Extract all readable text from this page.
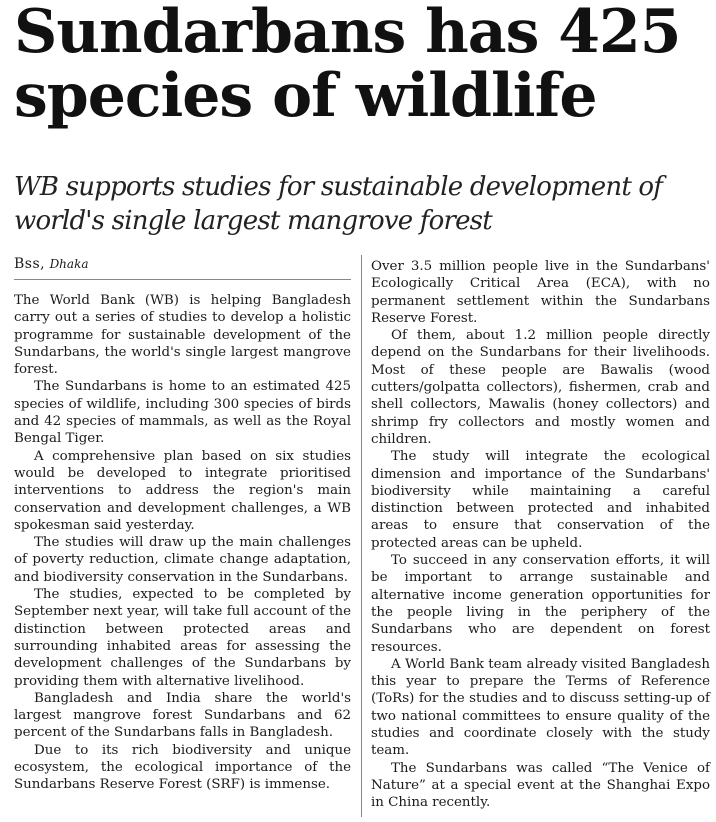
Sundarbans has 425 species of wildlife
WB supports studies for sustainable development of world's single largest mangrove forest
Bss, Dhaka

The World Bank (WB) is helping Bangladesh carry out a series of studies to develop a holistic programme for sustainable development of the Sundarbans, the world's single largest mangrove forest.

The Sundarbans is home to an estimated 425 species of wildlife, including 300 species of birds and 42 species of mammals, as well as the Royal Bengal Tiger.

A comprehensive plan based on six studies would be developed to integrate prioritised interventions to address the region's main conservation and development challenges, a WB spokesman said yesterday.

The studies will draw up the main challenges of poverty reduction, climate change adaptation, and biodiversity conservation in the Sundarbans.

The studies, expected to be completed by September next year, will take full account of the distinction between protected areas and surrounding inhabited areas for assessing the development challenges of the Sundarbans by providing them with alternative livelihood.

Bangladesh and India share the world's largest mangrove forest Sundarbans and 62 percent of the Sundarbans falls in Bangladesh.

Due to its rich biodiversity and unique ecosystem, the ecological importance of the Sundarbans Reserve Forest (SRF) is immense.

Over 3.5 million people live in the Sundarbans' Ecologically Critical Area (ECA), with no permanent settlement within the Sundarbans Reserve Forest.

Of them, about 1.2 million people directly depend on the Sundarbans for their livelihoods. Most of these people are Bawalis (wood cutters/golpatta collectors), fishermen, crab and shell collectors, Mawalis (honey collectors) and shrimp fry collectors and mostly women and children.

The study will integrate the ecological dimension and importance of the Sundarbans' biodiversity while maintaining a careful distinction between protected and inhabited areas to ensure that conservation of the protected areas can be upheld.

To succeed in any conservation efforts, it will be important to arrange sustainable and alternative income generation opportunities for the people living in the periphery of the Sundarbans who are dependent on forest resources.

A World Bank team already visited Bangladesh this year to prepare the Terms of Reference (ToRs) for the studies and to discuss setting-up of two national committees to ensure quality of the studies and coordinate closely with the study team.

The Sundarbans was called “The Venice of Nature” at a special event at the Shanghai Expo in China recently.
